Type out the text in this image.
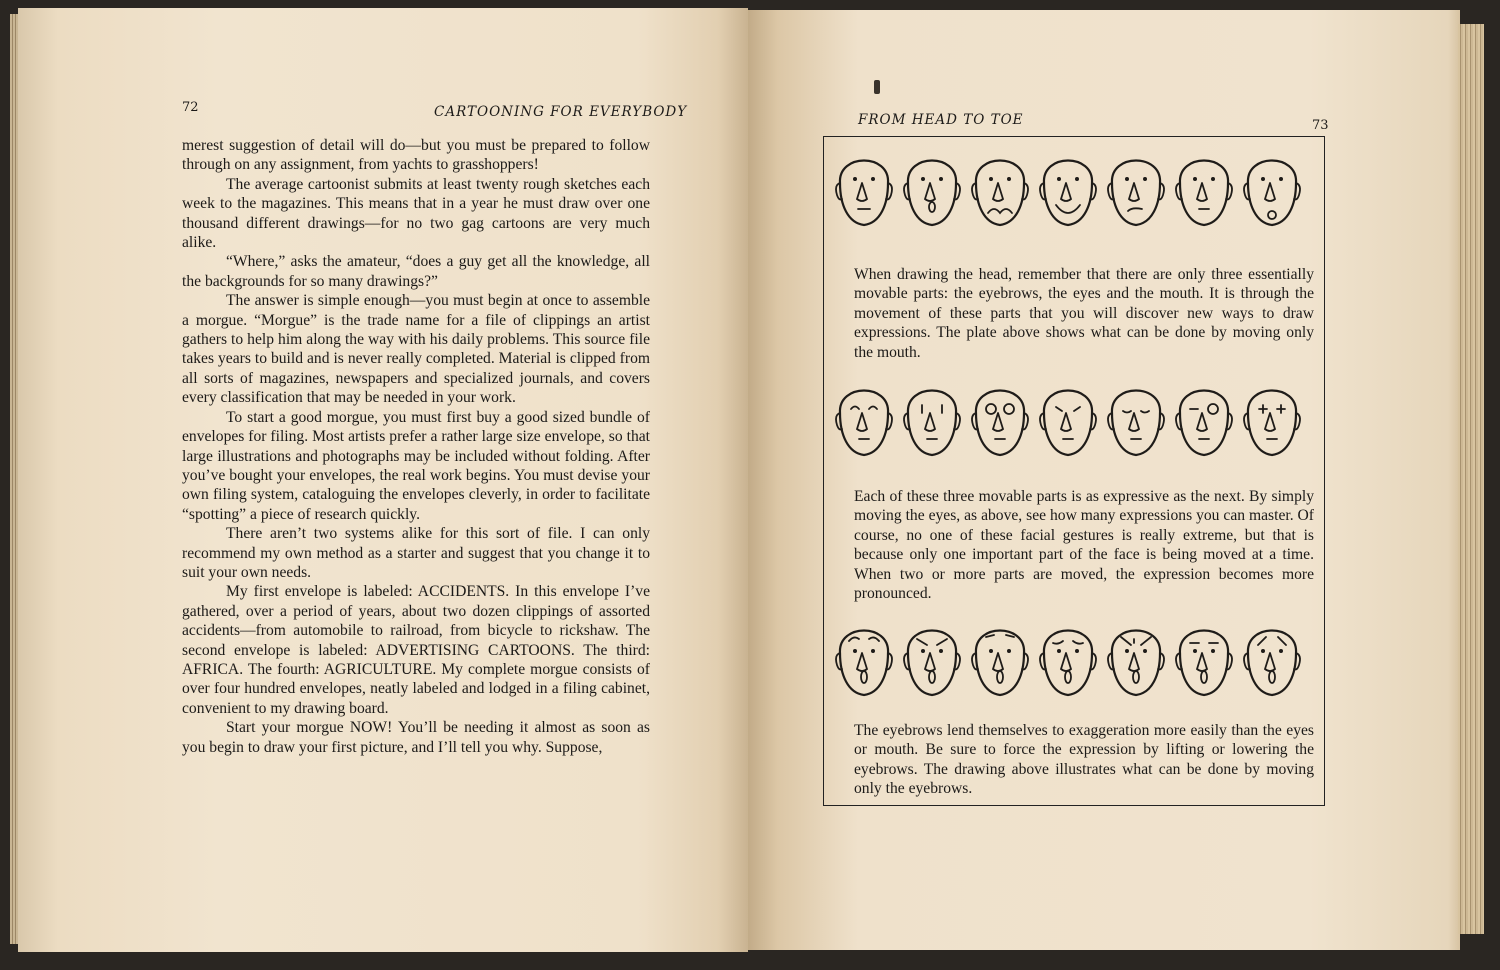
72	CARTOONING FOR EVERYBODY

merest suggestion of detail will do—but you must be prepared to follow through on any assignment, from yachts to grasshoppers!

The average cartoonist submits at least twenty rough sketches each week to the magazines. This means that in a year he must draw over one thousand different drawings—for no two gag cartoons are very much alike.

“Where,” asks the amateur, “does a guy get all the knowledge, all the backgrounds for so many drawings?”

The answer is simple enough—you must begin at once to assemble a morgue. “Morgue” is the trade name for a file of clippings an artist gathers to help him along the way with his daily problems. This source file takes years to build and is never really completed. Material is clipped from all sorts of magazines, newspapers and specialized journals, and covers every classification that may be needed in your work.

To start a good morgue, you must first buy a good sized bundle of envelopes for filing. Most artists prefer a rather large size envelope, so that large illustrations and photographs may be included without folding. After you’ve bought your envelopes, the real work begins. You must devise your own filing system, cataloguing the envelopes cleverly, in order to facilitate “spotting” a piece of research quickly.

There aren’t two systems alike for this sort of file. I can only recommend my own method as a starter and suggest that you change it to suit your own needs.

My first envelope is labeled: ACCIDENTS. In this envelope I’ve gathered, over a period of years, about two dozen clippings of assorted accidents—from automobile to railroad, from bicycle to rickshaw. The second envelope is labeled: ADVERTISING CARTOONS. The third: AFRICA. The fourth: AGRICULTURE. My complete morgue consists of over four hundred envelopes, neatly labeled and lodged in a filing cabinet, convenient to my drawing board.

Start your morgue NOW! You’ll be needing it almost as soon as you begin to draw your first picture, and I’ll tell you why. Suppose,

FROM HEAD TO TOE	73
When drawing the head, remember that there are only three essentially movable parts: the eyebrows, the eyes and the mouth. It is through the movement of these parts that you will discover new ways to draw expressions. The plate above shows what can be done by moving only the mouth.
Each of these three movable parts is as expressive as the next. By simply moving the eyes, as above, see how many expressions you can master. Of course, no one of these facial gestures is really extreme, but that is because only one important part of the face is being moved at a time. When two or more parts are moved, the expression becomes more pronounced.
The eyebrows lend themselves to exaggeration more easily than the eyes or mouth. Be sure to force the expression by lifting or lowering the eyebrows. The drawing above illustrates what can be done by moving only the eyebrows.
